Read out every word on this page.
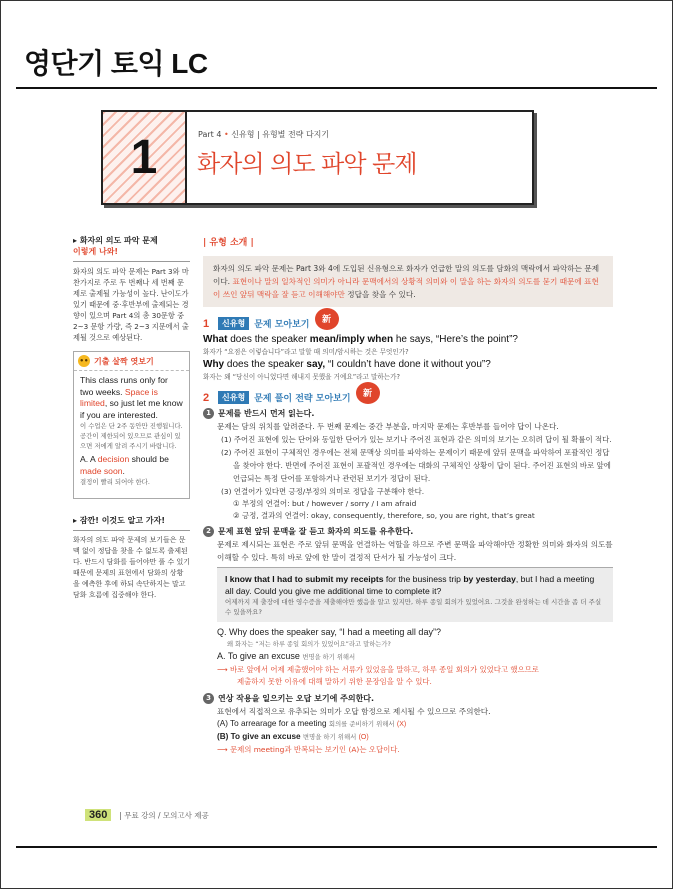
영단기 토익 LC
1	Part 4 • 신유형 | 유형별 전략 다지기
화자의 의도 파악 문제
▸ 화자의 의도 파악 문제
이렇게 나와!
화자의 의도 파악 문제는 Part 3와 마찬가지로 주로 두 번째나 세 번째 문제로 출제될 가능성이 높다. 난이도가 있기 때문에 중·후반부에 출제되는 경향이 있으며 Part 4의 총 30문항 중 2~3 문항 가량, 즉 2~3 지문에서 출제될 것으로 예상된다.
•• 기출 살짝 엿보기
This class runs only for two weeks. Space is limited, so just let me know if you are interested.
이 수업은 단 2주 동안만 진행됩니다. 공간이 제한되어 있으므로 관심이 있으면 저에게 알려 주시기 바랍니다.
A. A decision should be made soon.
결정이 빨리 되어야 한다.
▸ 잠깐! 이것도 알고 가자!
화자의 의도 파악 문제의 보기들은 문맥 없이 정답을 찾을 수 없도록 출제된다. 반드시 담화를 들어야만 풀 수 있기 때문에 문제의 표현에서 담화의 상황을 예측한 후에 하되 속단하지는 말고 담화 흐름에 집중해야 한다.
| 유형 소개 |
화자의 의도 파악 문제는 Part 3와 4에 도입된 신유형으로 화자가 언급한 말의 의도를 담화의 맥락에서 파악하는 문제이다. 표현이나 말의 일차적인 의미가 아니라 문맥에서의 상황적 의미와 이 말을 하는 화자의 의도를 묻기 때문에 표현이 쓰인 앞뒤 맥락을 잘 듣고 이해해야만 정답을 찾을 수 있다.
1	신유형	문제 모아보기	新
What does the speaker mean/imply when he says, “Here’s the point”?
화자가 “요점은 이렇습니다”라고 말할 때 의미/암시하는 것은 무엇인가?
Why does the speaker say, “I couldn’t have done it without you”?
화자는 왜 “당신이 아니었다면 해내지 못했을 거예요”라고 말하는가?
2	신유형	문제 풀이 전략 모아보기	新
1 문제를 반드시 먼저 읽는다.
문제는 담의 위치를 알려준다. 두 번째 문제는 중간 부분을, 마지막 문제는 후반부를 들어야 답이 나온다.
(1) 주어진 표현에 있는 단어와 동일한 단어가 있는 보기나 주어진 표현과 같은 의미의 보기는 오히려 답이 될 확률이 적다.
(2) 주어진 표현이 구체적인 경우에는 전체 문맥상 의미를 파악하는 문제이기 때문에 앞뒤 문맥을 파악하여 포괄적인 정답을 찾아야 한다. 반면에 주어진 표현이 포괄적인 경우에는 대화의 구체적인 상황이 답이 된다. 주어진 표현의 바로 앞에 언급되는 특정 단어를 포함하거나 관련된 보기가 정답이 된다.
(3) 연결어가 있다면 긍정/부정의 의미로 정답을 구분해야 한다.
① 부정의 연결어: but / however / sorry / I am afraid
② 긍정, 결과의 연결어: okay, consequently, therefore, so, you are right, that’s great
2 문제 표현 앞뒤 문맥을 잘 듣고 화자의 의도를 유추한다.
문제로 제시되는 표현은 주로 앞뒤 문맥을 연결하는 역할을 하므로 주변 문맥을 파악해야만 정확한 의미와 화자의 의도를 이해할 수 있다. 특히 바로 앞에 한 말이 결정적 단서가 될 가능성이 크다.
I know that I had to submit my receipts for the business trip by yesterday, but I had a meeting all day. Could you give me additional time to complete it?
어제까지 제 출장에 대한 영수증을 제출해야만 했음을 알고 있지만, 하루 종일 회의가 있었어요. 그것을 완성하는 데 시간을 좀 더 주실 수 있을까요?
Q. Why does the speaker say, “I had a meeting all day”?
왜 화자는 “저는 하루 종일 회의가 있었어요”라고 말하는가?
A. To give an excuse 변명을 하기 위해서
⟶ 바로 앞에서 어제 제출했어야 하는 서류가 있었음을 말하고, 하루 종일 회의가 있었다고 했으므로
제출하지 못한 이유에 대해 말하기 위한 문장임을 알 수 있다.
3 연상 작용을 일으키는 오답 보기에 주의한다.
표현에서 직접적으로 유추되는 의미가 오답 함정으로 제시될 수 있으므로 주의한다.
(A) To arrearage for a meeting 회의를 준비하기 위해서 (X)
(B) To give an excuse 변명을 하기 위해서 (O)
⟶ 문제의 meeting과 반복되는 보기인 (A)는 오답이다.
360	| 무료 강의 / 모의고사 제공
